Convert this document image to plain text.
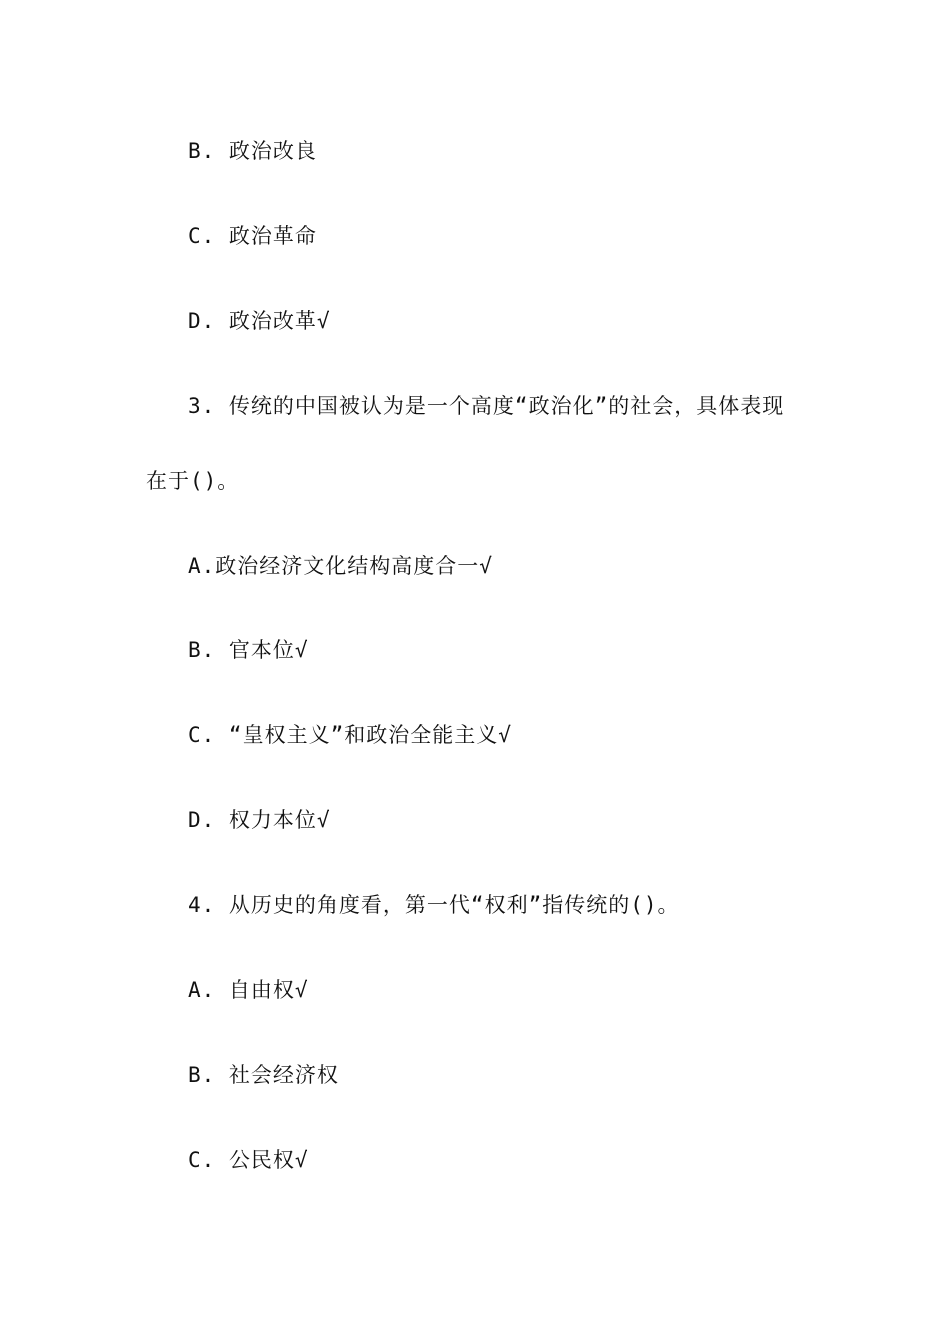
B. 政治改良
C. 政治革命
D. 政治改革√
3. 传统的中国被认为是一个高度“政治化”的社会，具体表现
在于()。
A.政治经济文化结构高度合一√
B. 官本位√
C. “皇权主义”和政治全能主义√
D. 权力本位√
4. 从历史的角度看，第一代“权利”指传统的()。
A. 自由权√
B. 社会经济权
C. 公民权√
